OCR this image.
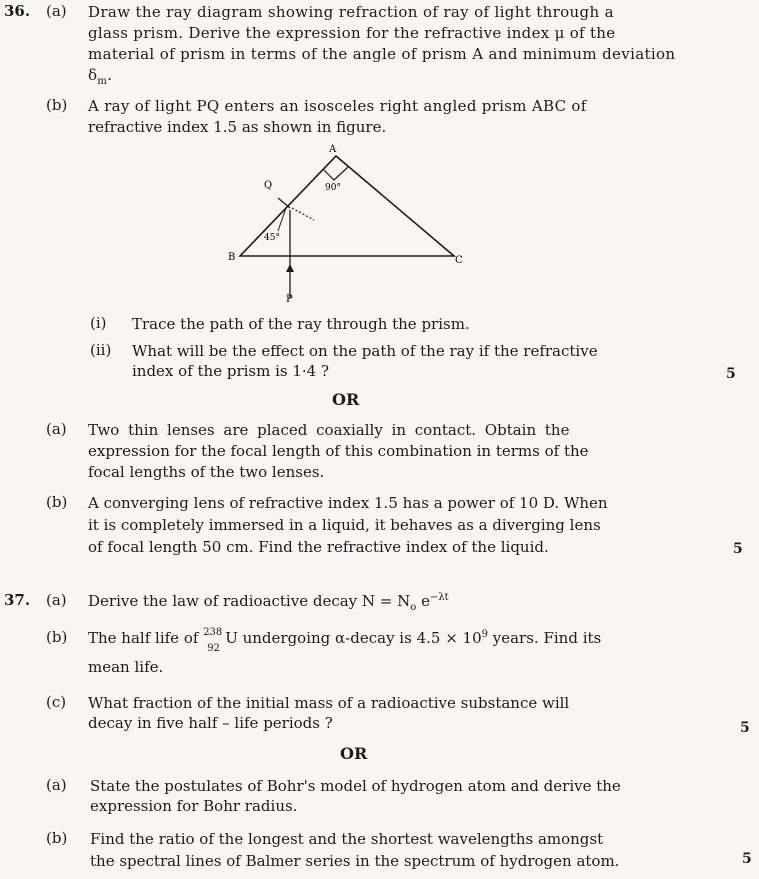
36. (a) Draw the ray diagram showing refraction of ray of light through a
glass prism. Derive the expression for the refractive index μ of the
material of prism in terms of the angle of prism A and minimum deviation $\delta_m$.
(b) A ray of light PQ enters an isosceles right angled prism ABC of
refractive index 1.5 as shown in figure.
90°
45°
A
B	C
P
Q
(i) Trace the path of the ray through the prism.
(ii) What will be the effect on the path of the ray if the refractive
index of the prism is 1·4 ?	5
OR
(a) Two thin lenses are placed coaxially in contact. Obtain the
expression for the focal length of this combination in terms of the
focal lengths of the two lenses.
(b) A converging lens of refractive index 1.5 has a power of 10 D. When
it is completely immersed in a liquid, it behaves as a diverging lens
of focal length 50 cm. Find the refractive index of the liquid.	5
37. (a) Derive the law of radioactive decay $N = N_o$ $e^{-\lambda t}$
(b) The half life of 238
92
U undergoing α-decay is $4.5 \times 10^9$ years. Find its
mean life.
(c) What fraction of the initial mass of a radioactive substance will
decay in five half – life periods ?	5
OR
(a) State the postulates of Bohr's model of hydrogen atom and derive the
expression for Bohr radius.
(b) Find the ratio of the longest and the shortest wavelengths amongst
the spectral lines of Balmer series in the spectrum of hydrogen atom.	5
